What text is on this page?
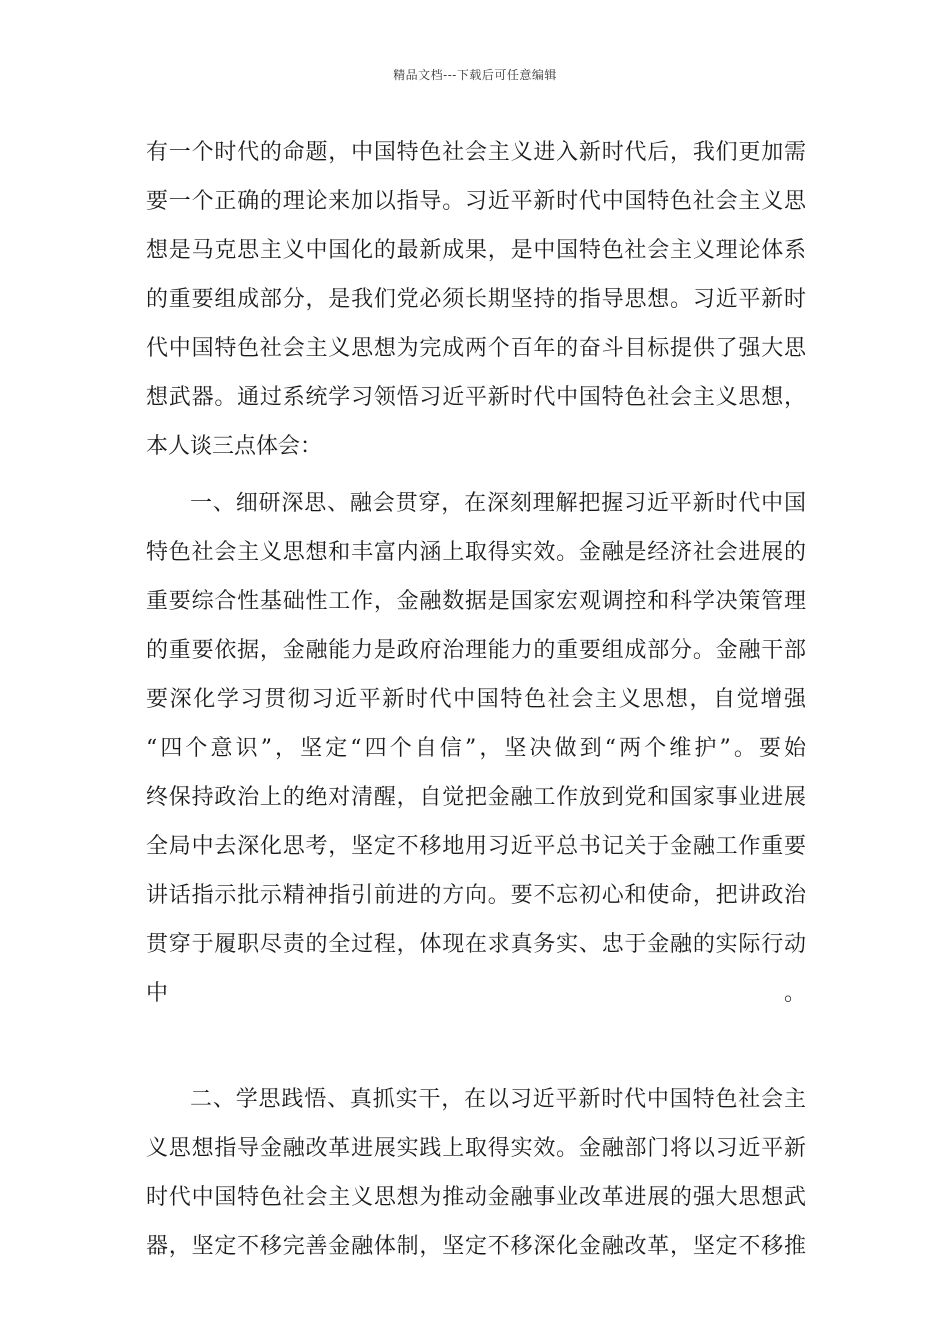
精品文档---下载后可任意编辑
有一个时代的命题，中国特色社会主义进入新时代后，我们更加需
要一个正确的理论来加以指导。习近平新时代中国特色社会主义思
想是马克思主义中国化的最新成果，是中国特色社会主义理论体系
的重要组成部分，是我们党必须长期坚持的指导思想。习近平新时
代中国特色社会主义思想为完成两个百年的奋斗目标提供了强大思
想武器。通过系统学习领悟习近平新时代中国特色社会主义思想，
本人谈三点体会：
一、细研深思、融会贯穿，在深刻理解把握习近平新时代中国
特色社会主义思想和丰富内涵上取得实效。金融是经济社会进展的
重要综合性基础性工作，金融数据是国家宏观调控和科学决策管理
的重要依据，金融能力是政府治理能力的重要组成部分。金融干部
要深化学习贯彻习近平新时代中国特色社会主义思想，自觉增强
“四个意识”，坚定“四个自信”，坚决做到“两个维护”。要始
终保持政治上的绝对清醒，自觉把金融工作放到党和国家事业进展
全局中去深化思考，坚定不移地用习近平总书记关于金融工作重要
讲话指示批示精神指引前进的方向。要不忘初心和使命，把讲政治
贯穿于履职尽责的全过程，体现在求真务实、忠于金融的实际行动
中。
二、学思践悟、真抓实干，在以习近平新时代中国特色社会主
义思想指导金融改革进展实践上取得实效。金融部门将以习近平新
时代中国特色社会主义思想为推动金融事业改革进展的强大思想武
器，坚定不移完善金融体制，坚定不移深化金融改革，坚定不移推
